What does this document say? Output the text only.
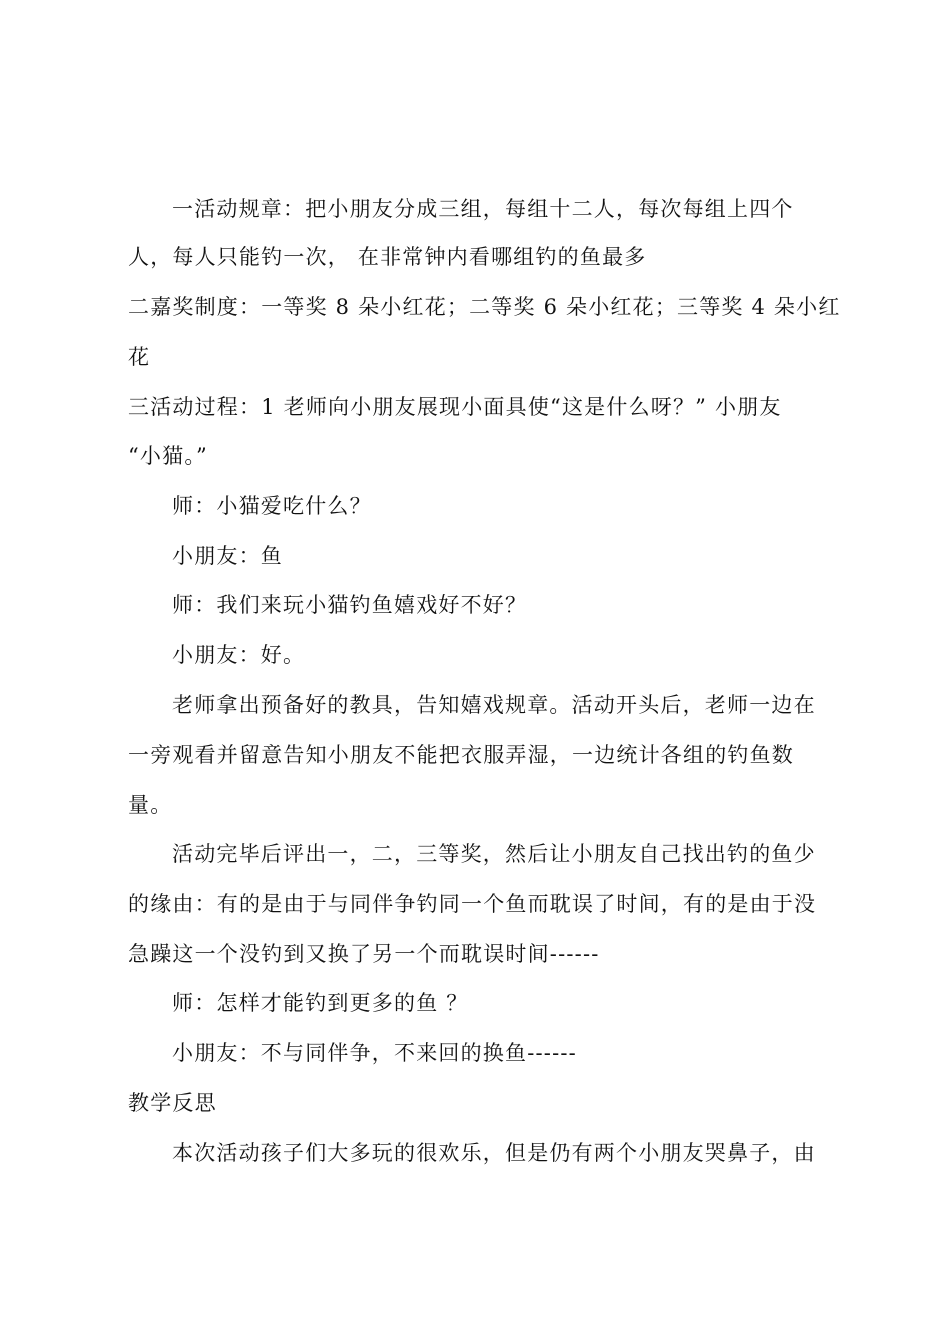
一活动规章：把小朋友分成三组，每组十二人，每次每组上四个
人，每人只能钓一次， 在非常钟内看哪组钓的鱼最多
二嘉奖制度：一等奖 8 朵小红花；二等奖 6 朵小红花；三等奖 4 朵小红
花
三活动过程：1 老师向小朋友展现小面具使“这是什么呀？” 小朋友
“小猫。”
师：小猫爱吃什么？
小朋友：鱼
师：我们来玩小猫钓鱼嬉戏好不好？
小朋友：好。
老师拿出预备好的教具，告知嬉戏规章。活动开头后，老师一边在
一旁观看并留意告知小朋友不能把衣服弄湿，一边统计各组的钓鱼数
量。
活动完毕后评出一，二，三等奖，然后让小朋友自己找出钓的鱼少
的缘由：有的是由于与同伴争钓同一个鱼而耽误了时间，有的是由于没
急躁这一个没钓到又换了另一个而耽误时间------
师：怎样才能钓到更多的鱼 ？
小朋友：不与同伴争，不来回的换鱼------
教学反思
本次活动孩子们大多玩的很欢乐，但是仍有两个小朋友哭鼻子，由
